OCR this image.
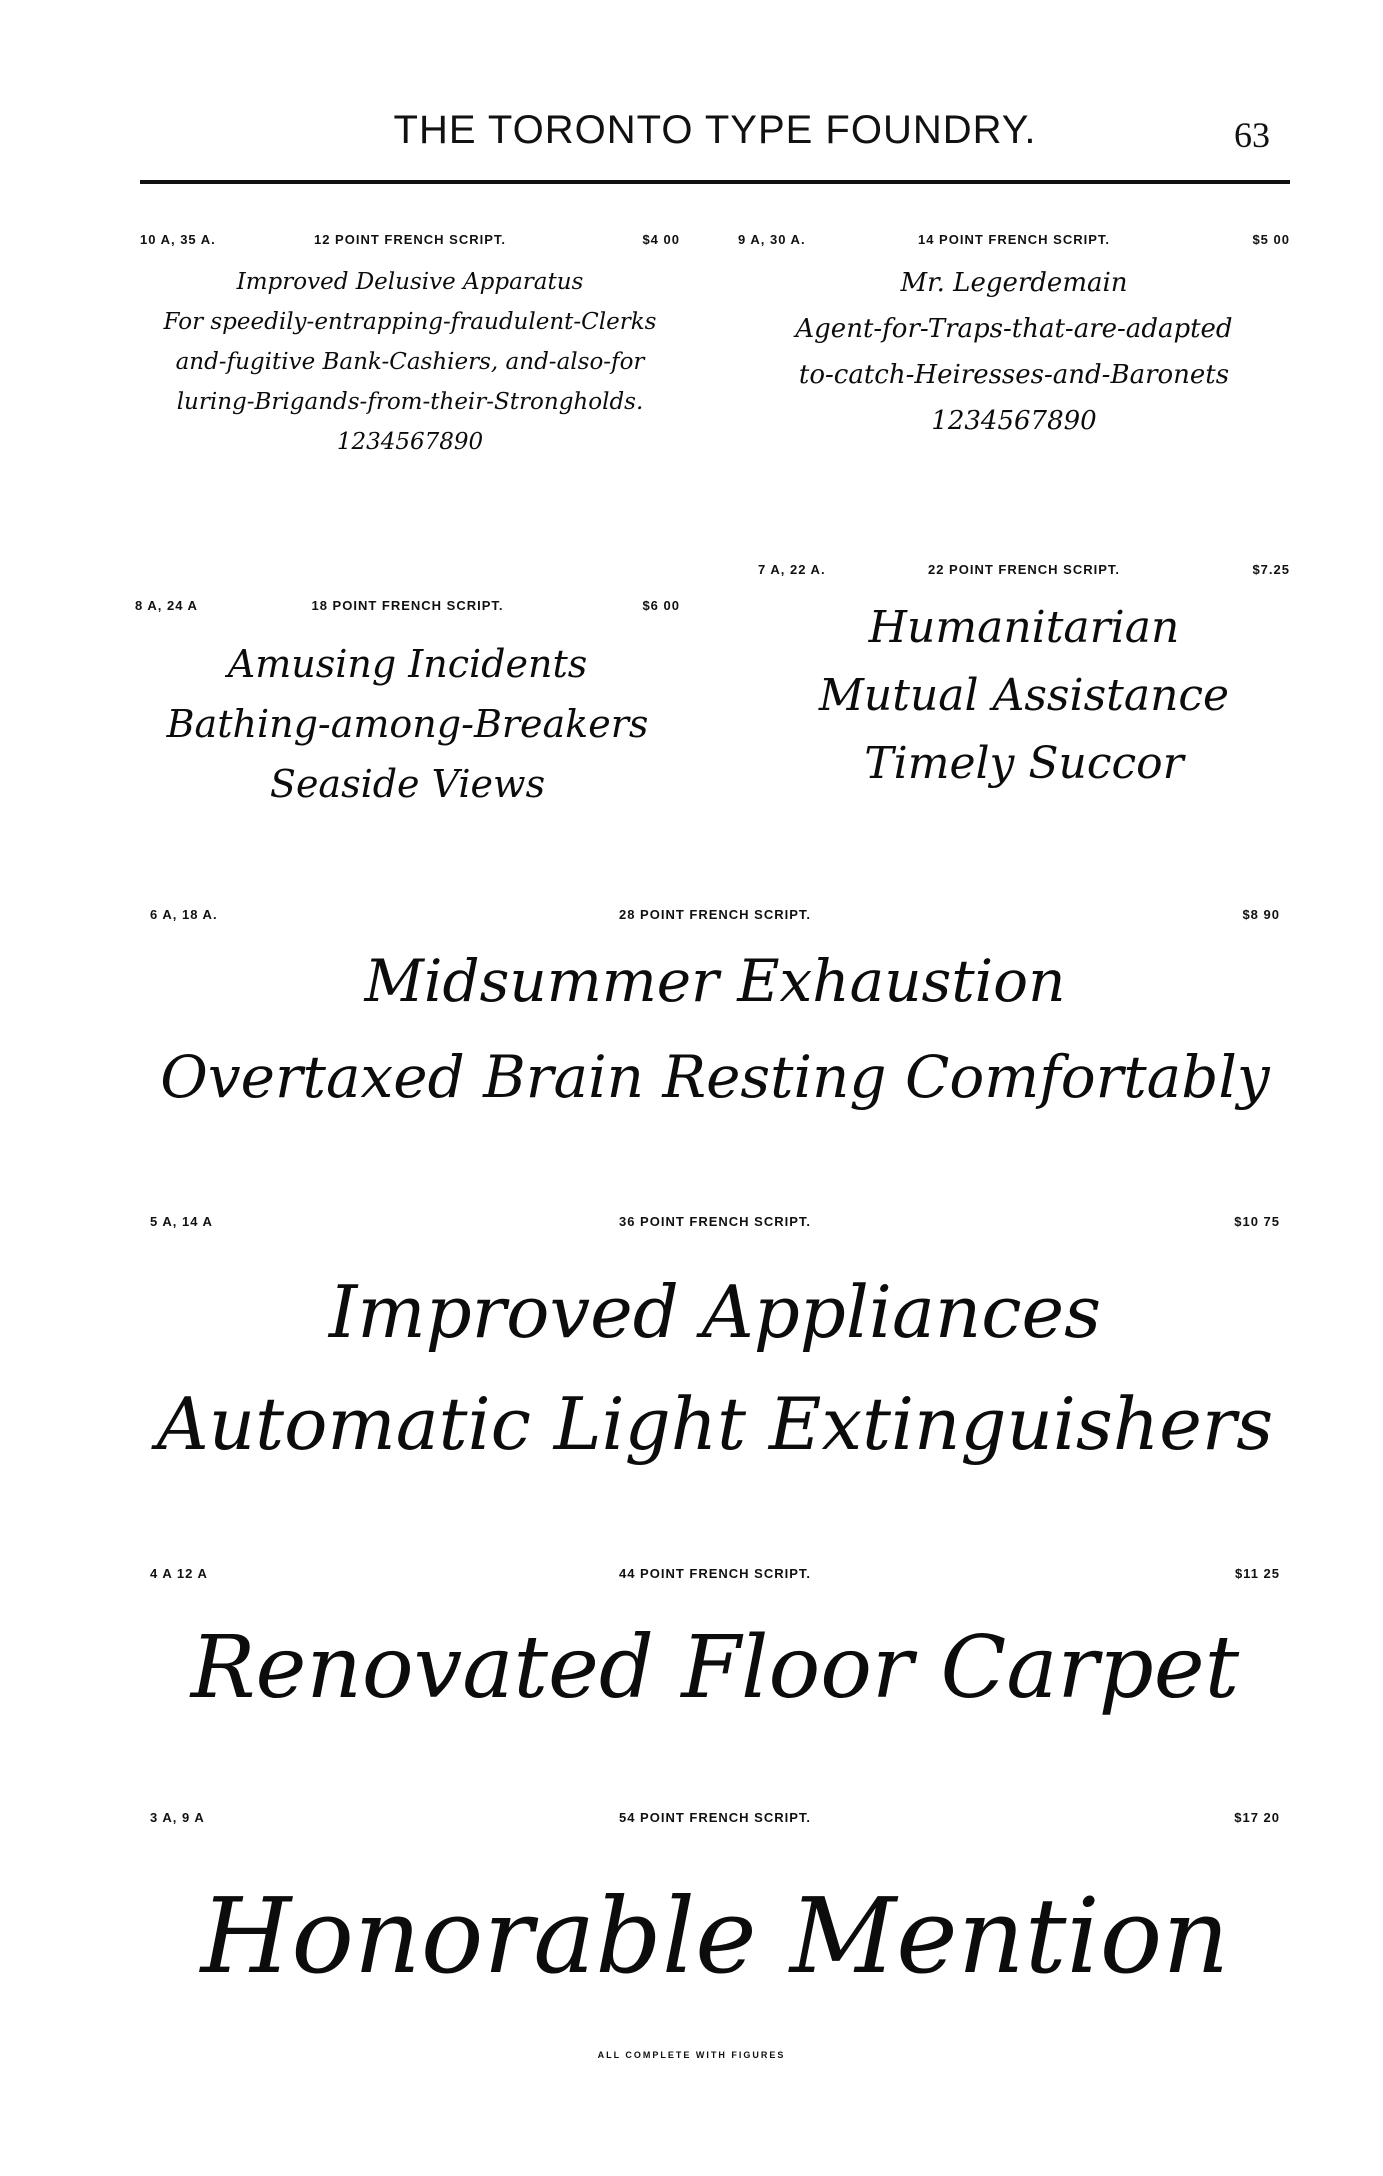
THE TORONTO TYPE FOUNDRY.	63
10 A, 35 A.	12 POINT FRENCH SCRIPT.	$4 00
Improved Delusive Apparatus
For speedily-entrapping-fraudulent-Clerks
and-fugitive Bank-Cashiers, and-also-for
luring-Brigands-from-their-Strongholds.
1234567890
9 A, 30 A.	14 POINT FRENCH SCRIPT.	$5 00
Mr. Legerdemain
Agent-for-Traps-that-are-adapted
to-catch-Heiresses-and-Baronets
1234567890
8 A, 24 A	18 POINT FRENCH SCRIPT.	$6 00
Amusing Incidents
Bathing-among-Breakers
Seaside Views
7 A, 22 A.	22 POINT FRENCH SCRIPT.	$7.25
Humanitarian
Mutual Assistance
Timely Succor
6 A, 18 A.	28 POINT FRENCH SCRIPT.	$8 90
Midsummer Exhaustion
Overtaxed Brain Resting Comfortably
5 A, 14 A	36 POINT FRENCH SCRIPT.	$10 75
Improved Appliances
Automatic Light Extinguishers
4 A 12 A	44 POINT FRENCH SCRIPT.	$11 25
Renovated Floor Carpet
3 A, 9 A	54 POINT FRENCH SCRIPT.	$17 20
Honorable Mention
ALL COMPLETE WITH FIGURES
